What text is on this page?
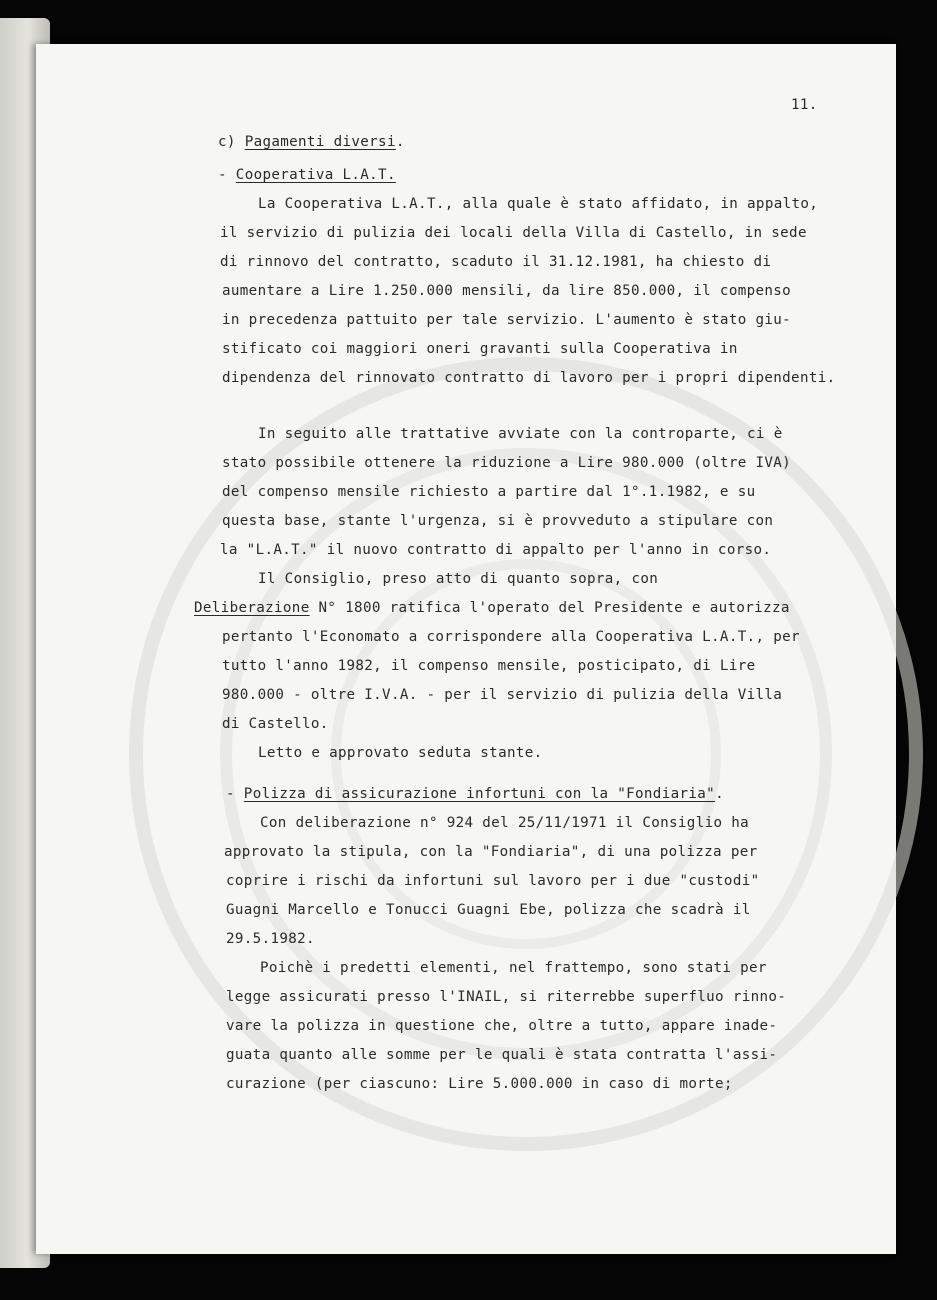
11.
c) Pagamenti diversi.
- Cooperativa L.A.T.
La Cooperativa L.A.T., alla quale è stato affidato, in appalto,
il servizio di pulizia dei locali della Villa di Castello, in sede
di rinnovo del contratto, scaduto il 31.12.1981, ha chiesto di
aumentare a Lire 1.250.000 mensili, da lire 850.000, il compenso
in precedenza pattuito per tale servizio. L'aumento è stato giu-
stificato coi maggiori oneri gravanti sulla Cooperativa in
dipendenza del rinnovato contratto di lavoro per i propri dipendenti.
In seguito alle trattative avviate con la controparte, ci è
stato possibile ottenere la riduzione a Lire 980.000 (oltre IVA)
del compenso mensile richiesto a partire dal 1°.1.1982, e su
questa base, stante l'urgenza, si è provveduto a stipulare con
la "L.A.T." il nuovo contratto di appalto per l'anno in corso.
Il Consiglio, preso atto di quanto sopra, con
Deliberazione N° 1800 ratifica l'operato del Presidente e autorizza
pertanto l'Economato a corrispondere alla Cooperativa L.A.T., per
tutto l'anno 1982, il compenso mensile, posticipato, di Lire
980.000 - oltre I.V.A. - per il servizio di pulizia della Villa
di Castello.
Letto e approvato seduta stante.
- Polizza di assicurazione infortuni con la "Fondiaria".
Con deliberazione n° 924 del 25/11/1971 il Consiglio ha
approvato la stipula, con la "Fondiaria", di una polizza per
coprire i rischi da infortuni sul lavoro per i due "custodi"
Guagni Marcello e Tonucci Guagni Ebe, polizza che scadrà il
29.5.1982.
Poichè i predetti elementi, nel frattempo, sono stati per
legge assicurati presso l'INAIL, si riterrebbe superfluo rinno-
vare la polizza in questione che, oltre a tutto, appare inade-
guata quanto alle somme per le quali è stata contratta l'assi-
curazione (per ciascuno: Lire 5.000.000 in caso di morte;
